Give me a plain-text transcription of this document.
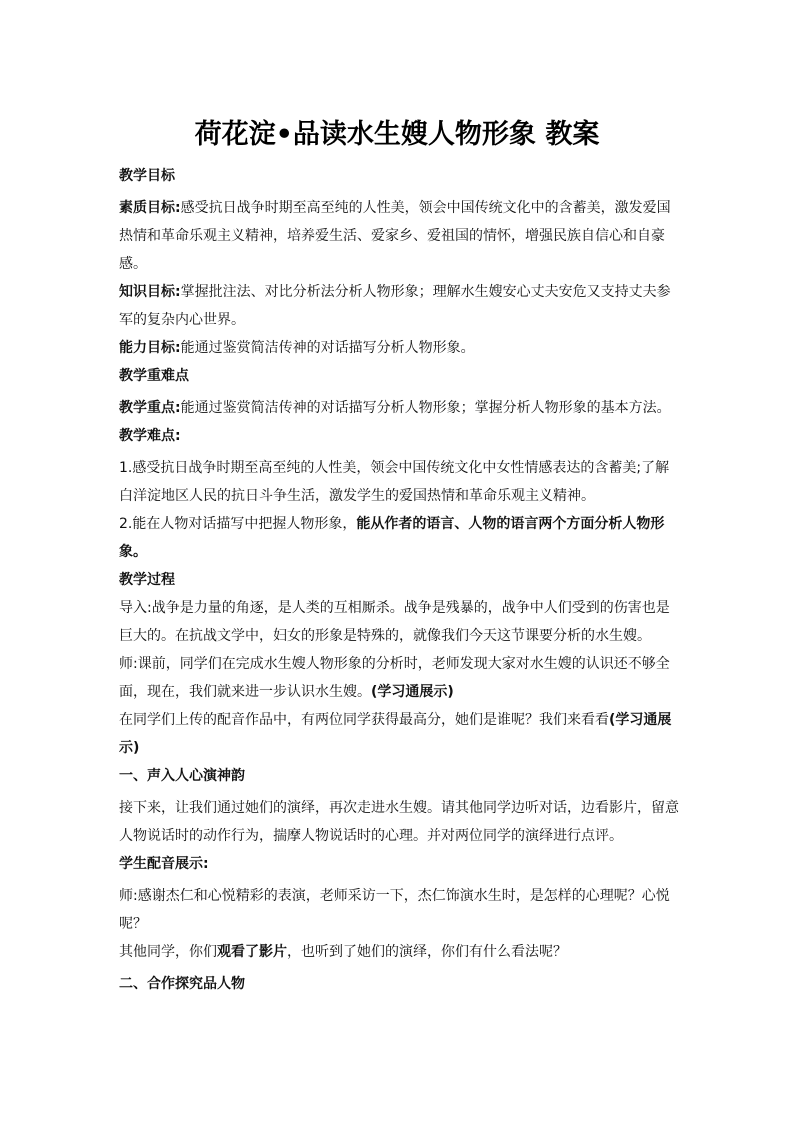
荷花淀•品读水生嫂人物形象 教案

教学目标

素质目标:感受抗日战争时期至高至纯的人性美，领会中国传统文化中的含蓄美，激发爱国热情和革命乐观主义精神，培养爱生活、爱家乡、爱祖国的情怀，增强民族自信心和自豪感。

知识目标:掌握批注法、对比分析法分析人物形象；理解水生嫂安心丈夫安危又支持丈夫参军的复杂内心世界。

能力目标:能通过鉴赏简洁传神的对话描写分析人物形象。

教学重难点

教学重点:能通过鉴赏简洁传神的对话描写分析人物形象；掌握分析人物形象的基本方法。

教学难点:

1.感受抗日战争时期至高至纯的人性美，领会中国传统文化中女性情感表达的含蓄美;了解白洋淀地区人民的抗日斗争生活，激发学生的爱国热情和革命乐观主义精神。

2.能在人物对话描写中把握人物形象，能从作者的语言、人物的语言两个方面分析人物形象。

教学过程

导入:战争是力量的角逐，是人类的互相厮杀。战争是残暴的，战争中人们受到的伤害也是巨大的。在抗战文学中，妇女的形象是特殊的，就像我们今天这节课要分析的水生嫂。

师:课前，同学们在完成水生嫂人物形象的分析时，老师发现大家对水生嫂的认识还不够全面，现在，我们就来进一步认识水生嫂。(学习通展示)

在同学们上传的配音作品中，有两位同学获得最高分，她们是谁呢？我们来看看(学习通展示)

一、声入人心演神韵

接下来，让我们通过她们的演绎，再次走进水生嫂。请其他同学边听对话，边看影片，留意人物说话时的动作行为，揣摩人物说话时的心理。并对两位同学的演绎进行点评。

学生配音展示:

师:感谢杰仁和心悦精彩的表演，老师采访一下，杰仁饰演水生时，是怎样的心理呢？心悦呢？

其他同学，你们观看了影片，也听到了她们的演绎，你们有什么看法呢？

二、合作探究品人物
